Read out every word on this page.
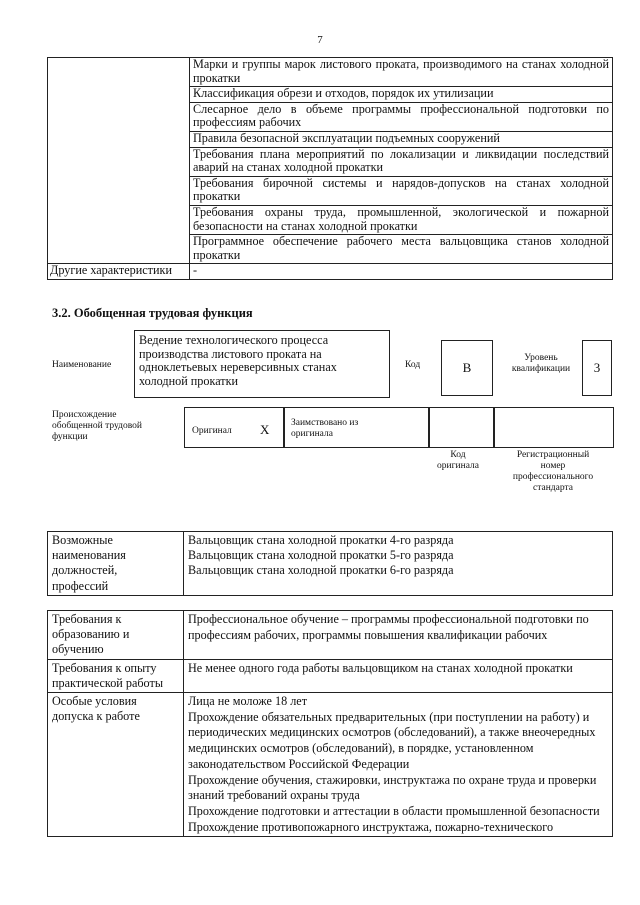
7
	Марки и группы марок листового проката, производимого на станах холодной прокатки
	Классификация обрези и отходов, порядок их утилизации
	Слесарное дело в объеме программы профессиональной подготовки по профессиям рабочих
	Правила безопасной эксплуатации подъемных сооружений
	Требования плана мероприятий по локализации и ликвидации последствий аварий на станах холодной прокатки
	Требования бирочной системы и нарядов-допусков на станах холодной прокатки
	Требования охраны труда, промышленной, экологической и пожарной безопасности на станах холодной прокатки
	Программное обеспечение рабочего места вальцовщика станов холодной прокатки
Другие характеристики	-
3.2. Обобщенная трудовая функция
Наименование
Ведение технологического процесса
производства листового проката на
одноклетьевых нереверсивных станах
холодной прокатки
Код	B
Уровень
квалификации	3
Происхождение
обобщенной трудовой
функции
Оригинал X Заимствовано из
оригинала
Код
оригинала
Регистрационный
номер
профессионального
стандарта
Возможные
наименования
должностей,
профессий

Вальцовщик стана холодной прокатки 4-го разряда
Вальцовщик стана холодной прокатки 5-го разряда
Вальцовщик стана холодной прокатки 6-го разряда
Требования к
образованию и
обучению	Профессиональное обучение – программы профессиональной подготовки по профессиям рабочих, программы повышения квалификации рабочих

Требования к опыту
практической работы	Не менее одного года работы вальцовщиком на станах холодной прокатки

Особые условия
допуска к работе	Лица не моложе 18 лет
Прохождение обязательных предварительных (при поступлении на работу) и периодических медицинских осмотров (обследований), а также внеочередных медицинских осмотров (обследований), в порядке, установленном законодательством Российской Федерации
Прохождение обучения, стажировки, инструктажа по охране труда и проверки знаний требований охраны труда
Прохождение подготовки и аттестации в области промышленной безопасности
Прохождение противопожарного инструктажа, пожарно-технического
